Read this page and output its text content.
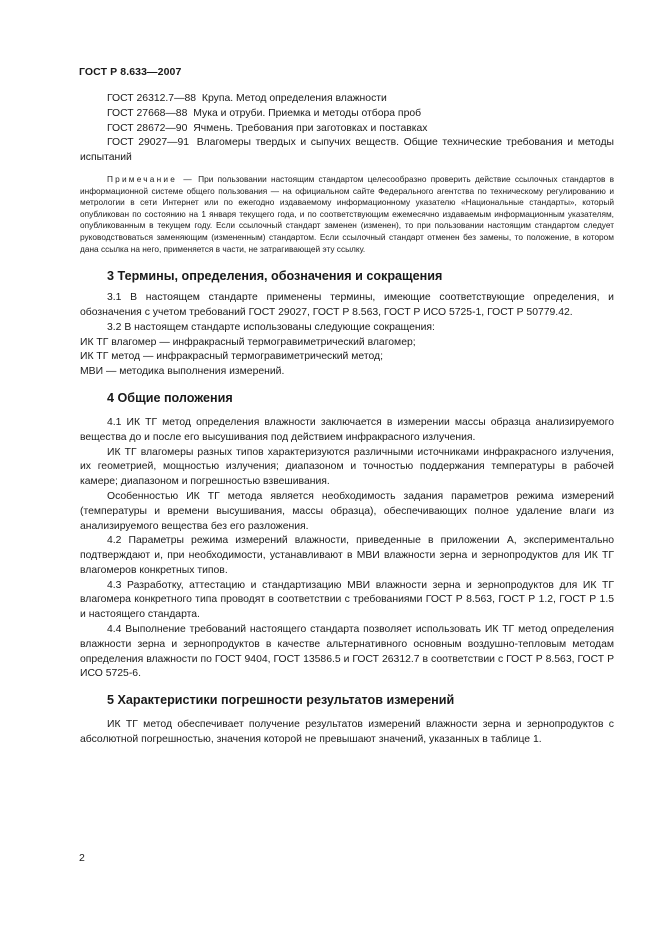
ГОСТ Р 8.633—2007

ГОСТ 26312.7—88 Крупа. Метод определения влажности

ГОСТ 27668—88 Мука и отруби. Приемка и методы отбора проб

ГОСТ 28672—90 Ячмень. Требования при заготовках и поставках

ГОСТ 29027—91 Влагомеры твердых и сыпучих веществ. Общие технические требования и методы испытаний

Примечание — При пользовании настоящим стандартом целесообразно проверить действие ссылочных стандартов в информационной системе общего пользования — на официальном сайте Федерального агентства по техническому регулированию и метрологии в сети Интернет или по ежегодно издаваемому информационному указателю «Национальные стандарты», который опубликован по состоянию на 1 января текущего года, и по соответствующим ежемесячно издаваемым информационным указателям, опубликованным в текущем году. Если ссылочный стандарт заменен (изменен), то при пользовании настоящим стандартом следует руководствоваться заменяющим (измененным) стандартом. Если ссылочный стандарт отменен без замены, то положение, в котором дана ссылка на него, применяется в части, не затрагивающей эту ссылку.
3 Термины, определения, обозначения и сокращения

3.1 В настоящем стандарте применены термины, имеющие соответствующие определения, и обозначения с учетом требований ГОСТ 29027, ГОСТ Р 8.563, ГОСТ Р ИСО 5725-1, ГОСТ Р 50779.42.

3.2 В настоящем стандарте использованы следующие сокращения:

ИК ТГ влагомер — инфракрасный термогравиметрический влагомер;

ИК ТГ метод — инфракрасный термогравиметрический метод;

МВИ — методика выполнения измерений.

4 Общие положения

4.1 ИК ТГ метод определения влажности заключается в измерении массы образца анализируемого вещества до и после его высушивания под действием инфракрасного излучения.

ИК ТГ влагомеры разных типов характеризуются различными источниками инфракрасного излучения, их геометрией, мощностью излучения; диапазоном и точностью поддержания температуры в рабочей камере; диапазоном и погрешностью взвешивания.

Особенностью ИК ТГ метода является необходимость задания параметров режима измерений (температуры и времени высушивания, массы образца), обеспечивающих полное удаление влаги из анализируемого вещества без его разложения.

4.2 Параметры режима измерений влажности, приведенные в приложении А, экспериментально подтверждают и, при необходимости, устанавливают в МВИ влажности зерна и зернопродуктов для ИК ТГ влагомеров конкретных типов.

4.3 Разработку, аттестацию и стандартизацию МВИ влажности зерна и зернопродуктов для ИК ТГ влагомера конкретного типа проводят в соответствии с требованиями ГОСТ Р 8.563, ГОСТ Р 1.2, ГОСТ Р 1.5 и настоящего стандарта.

4.4 Выполнение требований настоящего стандарта позволяет использовать ИК ТГ метод определения влажности зерна и зернопродуктов в качестве альтернативного основным воздушно-тепловым методам определения влажности по ГОСТ 9404, ГОСТ 13586.5 и ГОСТ 26312.7 в соответствии с ГОСТ Р 8.563, ГОСТ Р ИСО 5725-6.

5 Характеристики погрешности результатов измерений

ИК ТГ метод обеспечивает получение результатов измерений влажности зерна и зернопродуктов с абсолютной погрешностью, значения которой не превышают значений, указанных в таблице 1.

2
